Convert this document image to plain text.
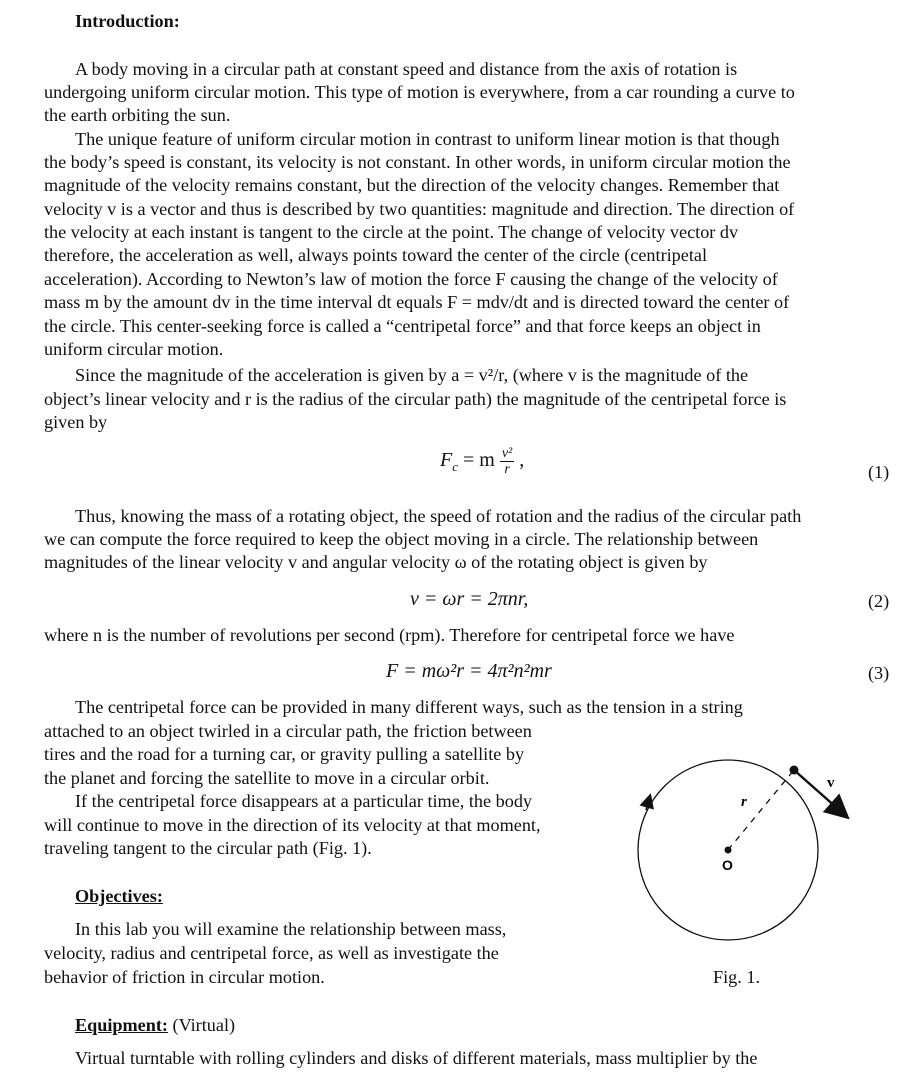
Introduction:
A body moving in a circular path at constant speed and distance from the axis of rotation is
undergoing uniform circular motion. This type of motion is everywhere, from a car rounding a curve to
the earth orbiting the sun.
The unique feature of uniform circular motion in contrast to uniform linear motion is that though
the body’s speed is constant, its velocity is not constant. In other words, in uniform circular motion the
magnitude of the velocity remains constant, but the direction of the velocity changes. Remember that
velocity v is a vector and thus is described by two quantities: magnitude and direction. The direction of
the velocity at each instant is tangent to the circle at the point. The change of velocity vector dv
therefore, the acceleration as well, always points toward the center of the circle (centripetal
acceleration). According to Newton’s law of motion the force F causing the change of the velocity of
mass m by the amount dv in the time interval dt equals F = mdv/dt and is directed toward the center of
the circle. This center-seeking force is called a “centripetal force” and that force keeps an object in
uniform circular motion.
Since the magnitude of the acceleration is given by a = v²/r, (where v is the magnitude of the
object’s linear velocity and r is the radius of the circular path) the magnitude of the centripetal force is
given by
$F_c = m \frac{\text{v²}}{r}$ ,
(1)
Thus, knowing the mass of a rotating object, the speed of rotation and the radius of the circular path
we can compute the force required to keep the object moving in a circle. The relationship between
magnitudes of the linear velocity v and angular velocity ω of the rotating object is given by
v = ωr = 2πnr,	(2)
where n is the number of revolutions per second (rpm). Therefore for centripetal force we have
F = mω²r = 4π²n²mr	(3)
The centripetal force can be provided in many different ways, such as the tension in a string
attached to an object twirled in a circular path, the friction between
tires and the road for a turning car, or gravity pulling a satellite by
the planet and forcing the satellite to move in a circular orbit.
If the centripetal force disappears at a particular time, the body
will continue to move in the direction of its velocity at that moment,
traveling tangent to the circular path (Fig. 1).
Objectives:
In this lab you will examine the relationship between mass,
velocity, radius and centripetal force, as well as investigate the
behavior of friction in circular motion.
r
v
O
Fig. 1.
Equipment: (Virtual)
Virtual turntable with rolling cylinders and disks of different materials, mass multiplier by the
